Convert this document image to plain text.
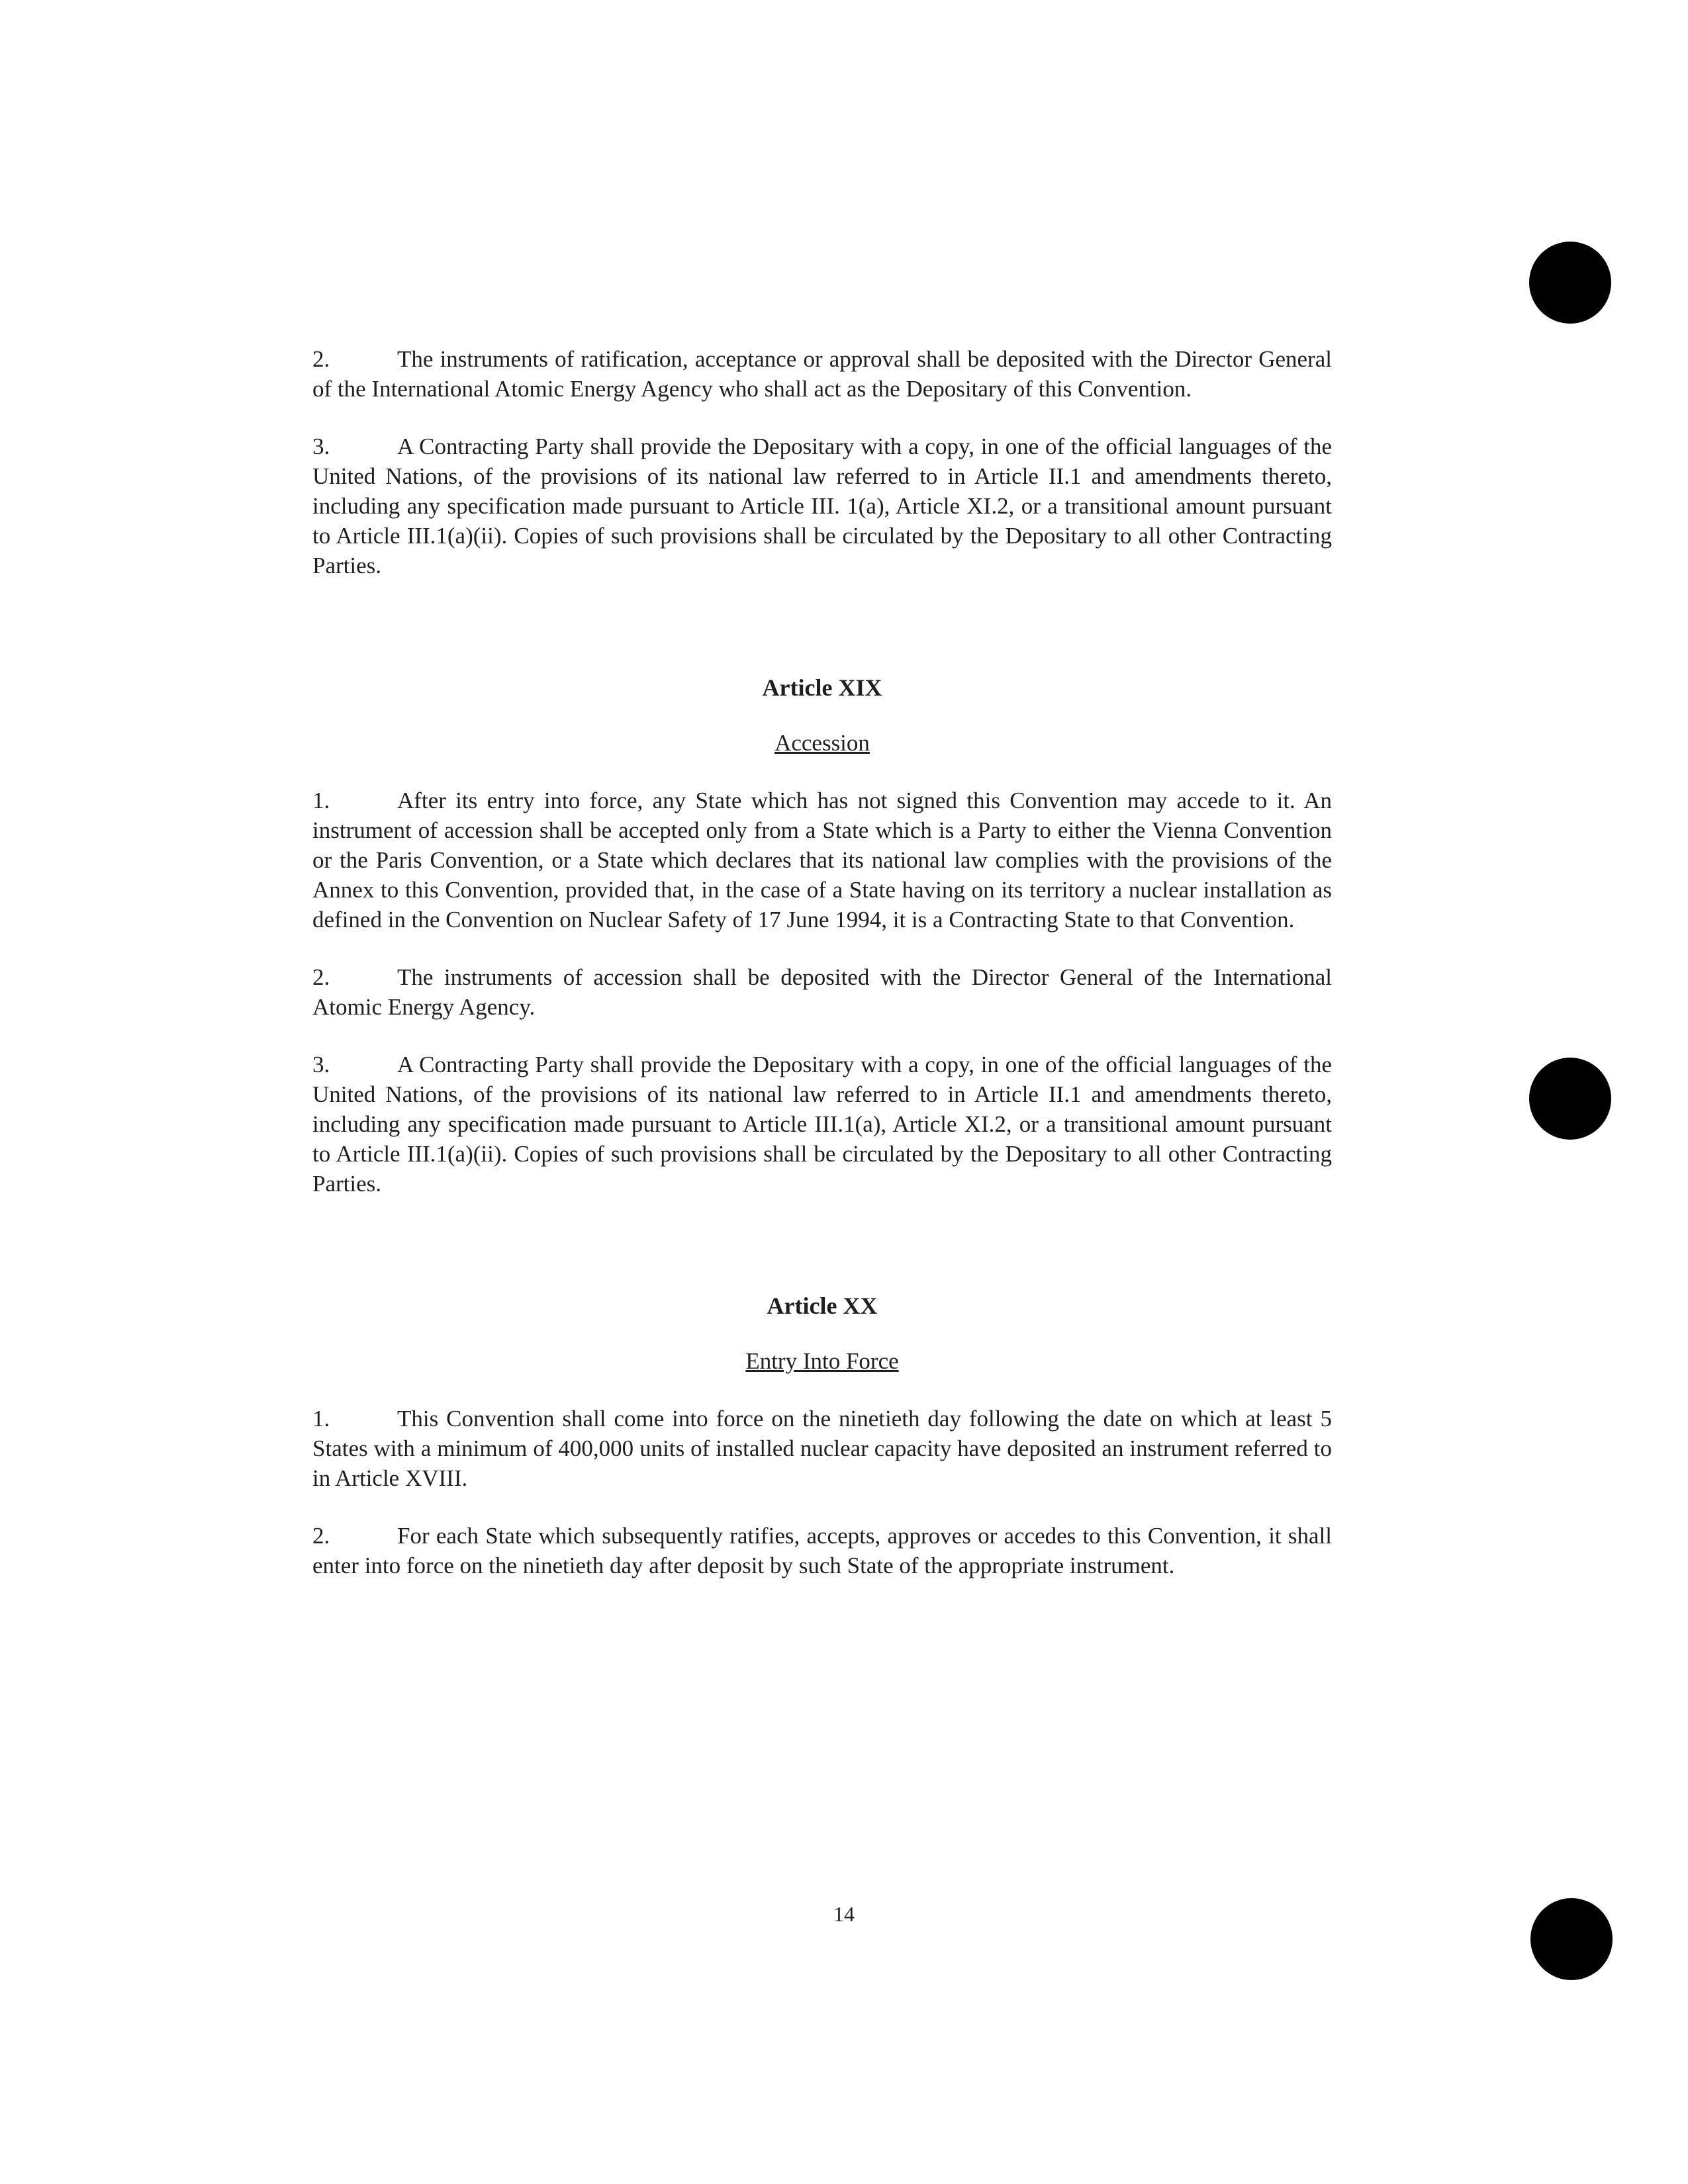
2.	The instruments of ratification, acceptance or approval shall be deposited with the Director General of the International Atomic Energy Agency who shall act as the Depositary of this Convention.

3.	A Contracting Party shall provide the Depositary with a copy, in one of the official languages of the United Nations, of the provisions of its national law referred to in Article II.1 and amendments thereto, including any specification made pursuant to Article III. 1(a), Article XI.2, or a transitional amount pursuant to Article III.1(a)(ii). Copies of such provisions shall be circulated by the Depositary to all other Contracting Parties.

Article XIX
Accession

1.	After its entry into force, any State which has not signed this Convention may accede to it. An instrument of accession shall be accepted only from a State which is a Party to either the Vienna Convention or the Paris Convention, or a State which declares that its national law complies with the provisions of the Annex to this Convention, provided that, in the case of a State having on its territory a nuclear installation as defined in the Convention on Nuclear Safety of 17 June 1994, it is a Contracting State to that Convention.

2.	The instruments of accession shall be deposited with the Director General of the International Atomic Energy Agency.

3.	A Contracting Party shall provide the Depositary with a copy, in one of the official languages of the United Nations, of the provisions of its national law referred to in Article II.1 and amendments thereto, including any specification made pursuant to Article III.1(a), Article XI.2, or a transitional amount pursuant to Article III.1(a)(ii). Copies of such provisions shall be circulated by the Depositary to all other Contracting Parties.

Article XX
Entry Into Force

1.	This Convention shall come into force on the ninetieth day following the date on which at least 5 States with a minimum of 400,000 units of installed nuclear capacity have deposited an instrument referred to in Article XVIII.

2.	For each State which subsequently ratifies, accepts, approves or accedes to this Convention, it shall enter into force on the ninetieth day after deposit by such State of the appropriate instrument.

14
